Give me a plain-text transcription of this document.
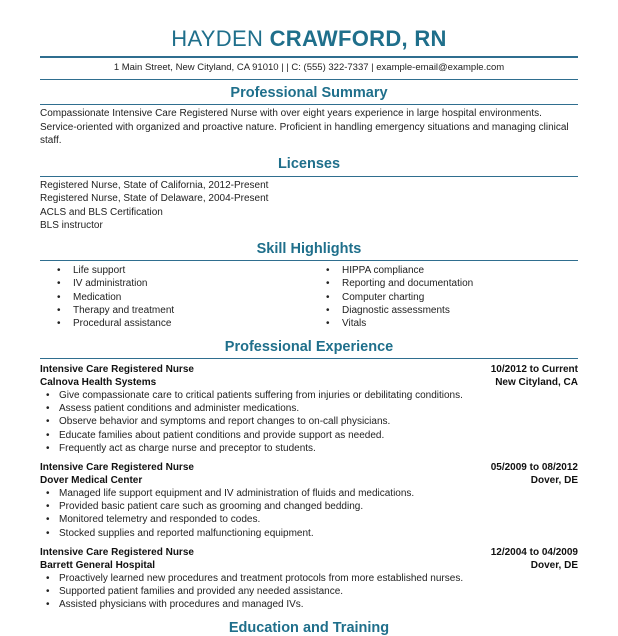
HAYDEN CRAWFORD, RN
1 Main Street, New Cityland, CA 91010 | | C: (555) 322-7337 | example-email@example.com
Professional Summary
Compassionate Intensive Care Registered Nurse with over eight years experience in large hospital environments. Service-oriented with organized and proactive nature. Proficient in handling emergency situations and managing clinical staff.
Licenses
Registered Nurse, State of California, 2012-Present
Registered Nurse, State of Delaware, 2004-Present
ACLS and BLS Certification
BLS instructor
Skill Highlights
• Life support
• IV administration
• Medication
• Therapy and treatment
• Procedural assistance
• HIPPA compliance
• Reporting and documentation
• Computer charting
• Diagnostic assessments
• Vitals
Professional Experience
Intensive Care Registered Nurse	10/2012 to Current
Calnova Health Systems	New Cityland, CA
• Give compassionate care to critical patients suffering from injuries or debilitating conditions.
• Assess patient conditions and administer medications.
• Observe behavior and symptoms and report changes to on-call physicians.
• Educate families about patient conditions and provide support as needed.
• Frequently act as charge nurse and preceptor to students.
Intensive Care Registered Nurse	05/2009 to 08/2012
Dover Medical Center	Dover, DE
• Managed life support equipment and IV administration of fluids and medications.
• Provided basic patient care such as grooming and changed bedding.
• Monitored telemetry and responded to codes.
• Stocked supplies and reported malfunctioning equipment.
Intensive Care Registered Nurse	12/2004 to 04/2009
Barrett General Hospital	Dover, DE
• Proactively learned new procedures and treatment protocols from more established nurses.
• Supported patient families and provided any needed assistance.
• Assisted physicians with procedures and managed IVs.
Education and Training
